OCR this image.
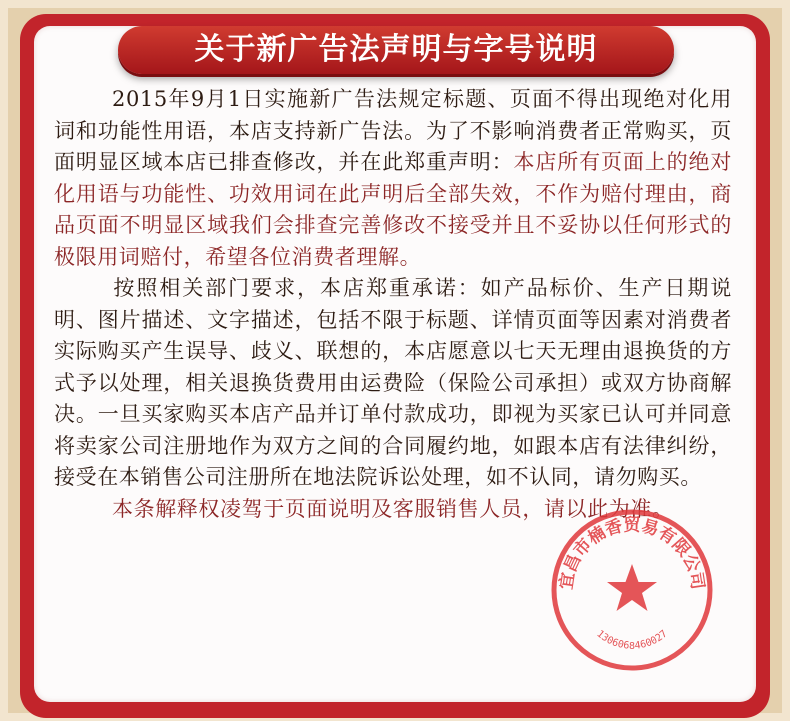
关于新广告法声明与字号说明

2015年9月1日实施新广告法规定标题、页面不得出现绝对化用词和功能性用语，本店支持新广告法。为了不影响消费者正常购买，页面明显区域本店已排查修改，并在此郑重声明：本店所有页面上的绝对化用语与功能性、功效用词在此声明后全部失效，不作为赔付理由，商品页面不明显区域我们会排查完善修改不接受并且不妥协以任何形式的极限用词赔付，希望各位消费者理解。

按照相关部门要求，本店郑重承诺：如产品标价、生产日期说明、图片描述、文字描述，包括不限于标题、详情页面等因素对消费者实际购买产生误导、歧义、联想的，本店愿意以七天无理由退换货的方式予以处理，相关退换货费用由运费险（保险公司承担）或双方协商解决。一旦买家购买本店产品并订单付款成功，即视为买家已认可并同意将卖家公司注册地作为双方之间的合同履约地，如跟本店有法律纠纷，接受在本销售公司注册所在地法院诉讼处理，如不认同，请勿购买。

本条解释权凌驾于页面说明及客服销售人员，请以此为准。

宜昌市楠香贸易有限公司
1306068460027
